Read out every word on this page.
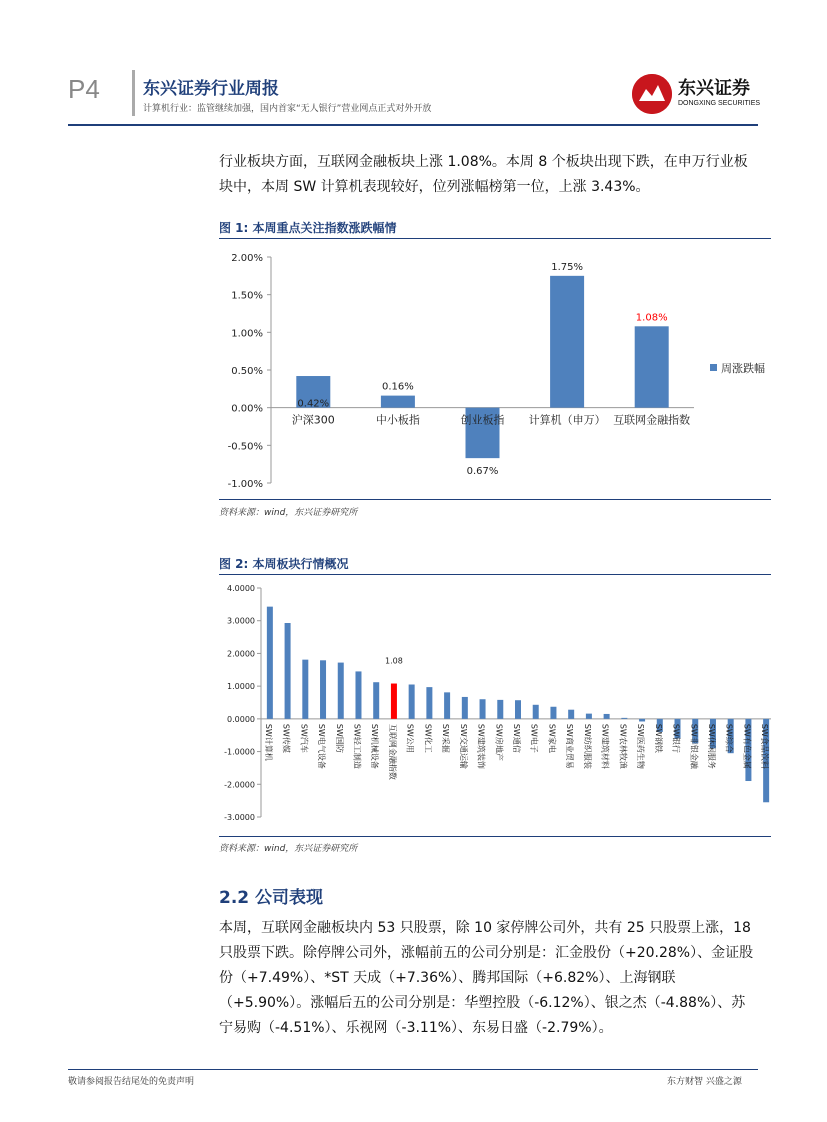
P4	东兴证券行业周报
计算机行业：监管继续加强，国内首家“无人银行”营业网点正式对外开放
东兴证券
DONGXING SECURITIES
行业板块方面，互联网金融板块上涨 1.08%。本周 8 个板块出现下跌，在申万行业板块中，本周 SW 计算机表现较好，位列涨幅榜第一位，上涨 3.43%。
图 1: 本周重点关注指数涨跌幅情
2.00%
1.50%
1.00%
0.50%
0.00%
-0.50%
-1.00%
沪深300
0.42%
中小板指
0.16%
创业板指
0.67%
计算机（申万）
1.75%
互联网金融指数
1.08%
周涨跌幅
资料来源：wind，东兴证券研究所
图 2: 本周板块行情概况
4.0000
3.0000
2.0000
1.0000
0.0000
-1.0000
-2.0000
-3.0000
SW计算机 SW传媒 SW汽车 SW电气设备 SW国防 SW轻工制造 SW机械设备 互联网金融指数
1.08
SW公用 SW化工 SW采掘 SW交通运输 SW建筑装饰 SW房地产 SW通信 SW电子 SW家电 SW商业贸易 SW纺织服装 SW建筑材料 SW农林牧渔 SW医药生物 SW钢铁 SW银行 SW非银金融 SW休闲服务 SW综合 SW有色金属 SW食品饮料
资料来源：wind，东兴证券研究所
2.2 公司表现
本周，互联网金融板块内 53 只股票，除 10 家停牌公司外，共有 25 只股票上涨，18 只股票下跌。除停牌公司外，涨幅前五的公司分别是：汇金股份（+20.28%）、金证股份（+7.49%）、*ST 天成（+7.36%）、腾邦国际（+6.82%）、上海钢联（+5.90%）。涨幅后五的公司分别是：华塑控股（-6.12%）、银之杰（-4.88%）、苏宁易购（-4.51%）、乐视网（-3.11%）、东易日盛（-2.79%）。
敬请参阅报告结尾处的免责声明	东方财智 兴盛之源
